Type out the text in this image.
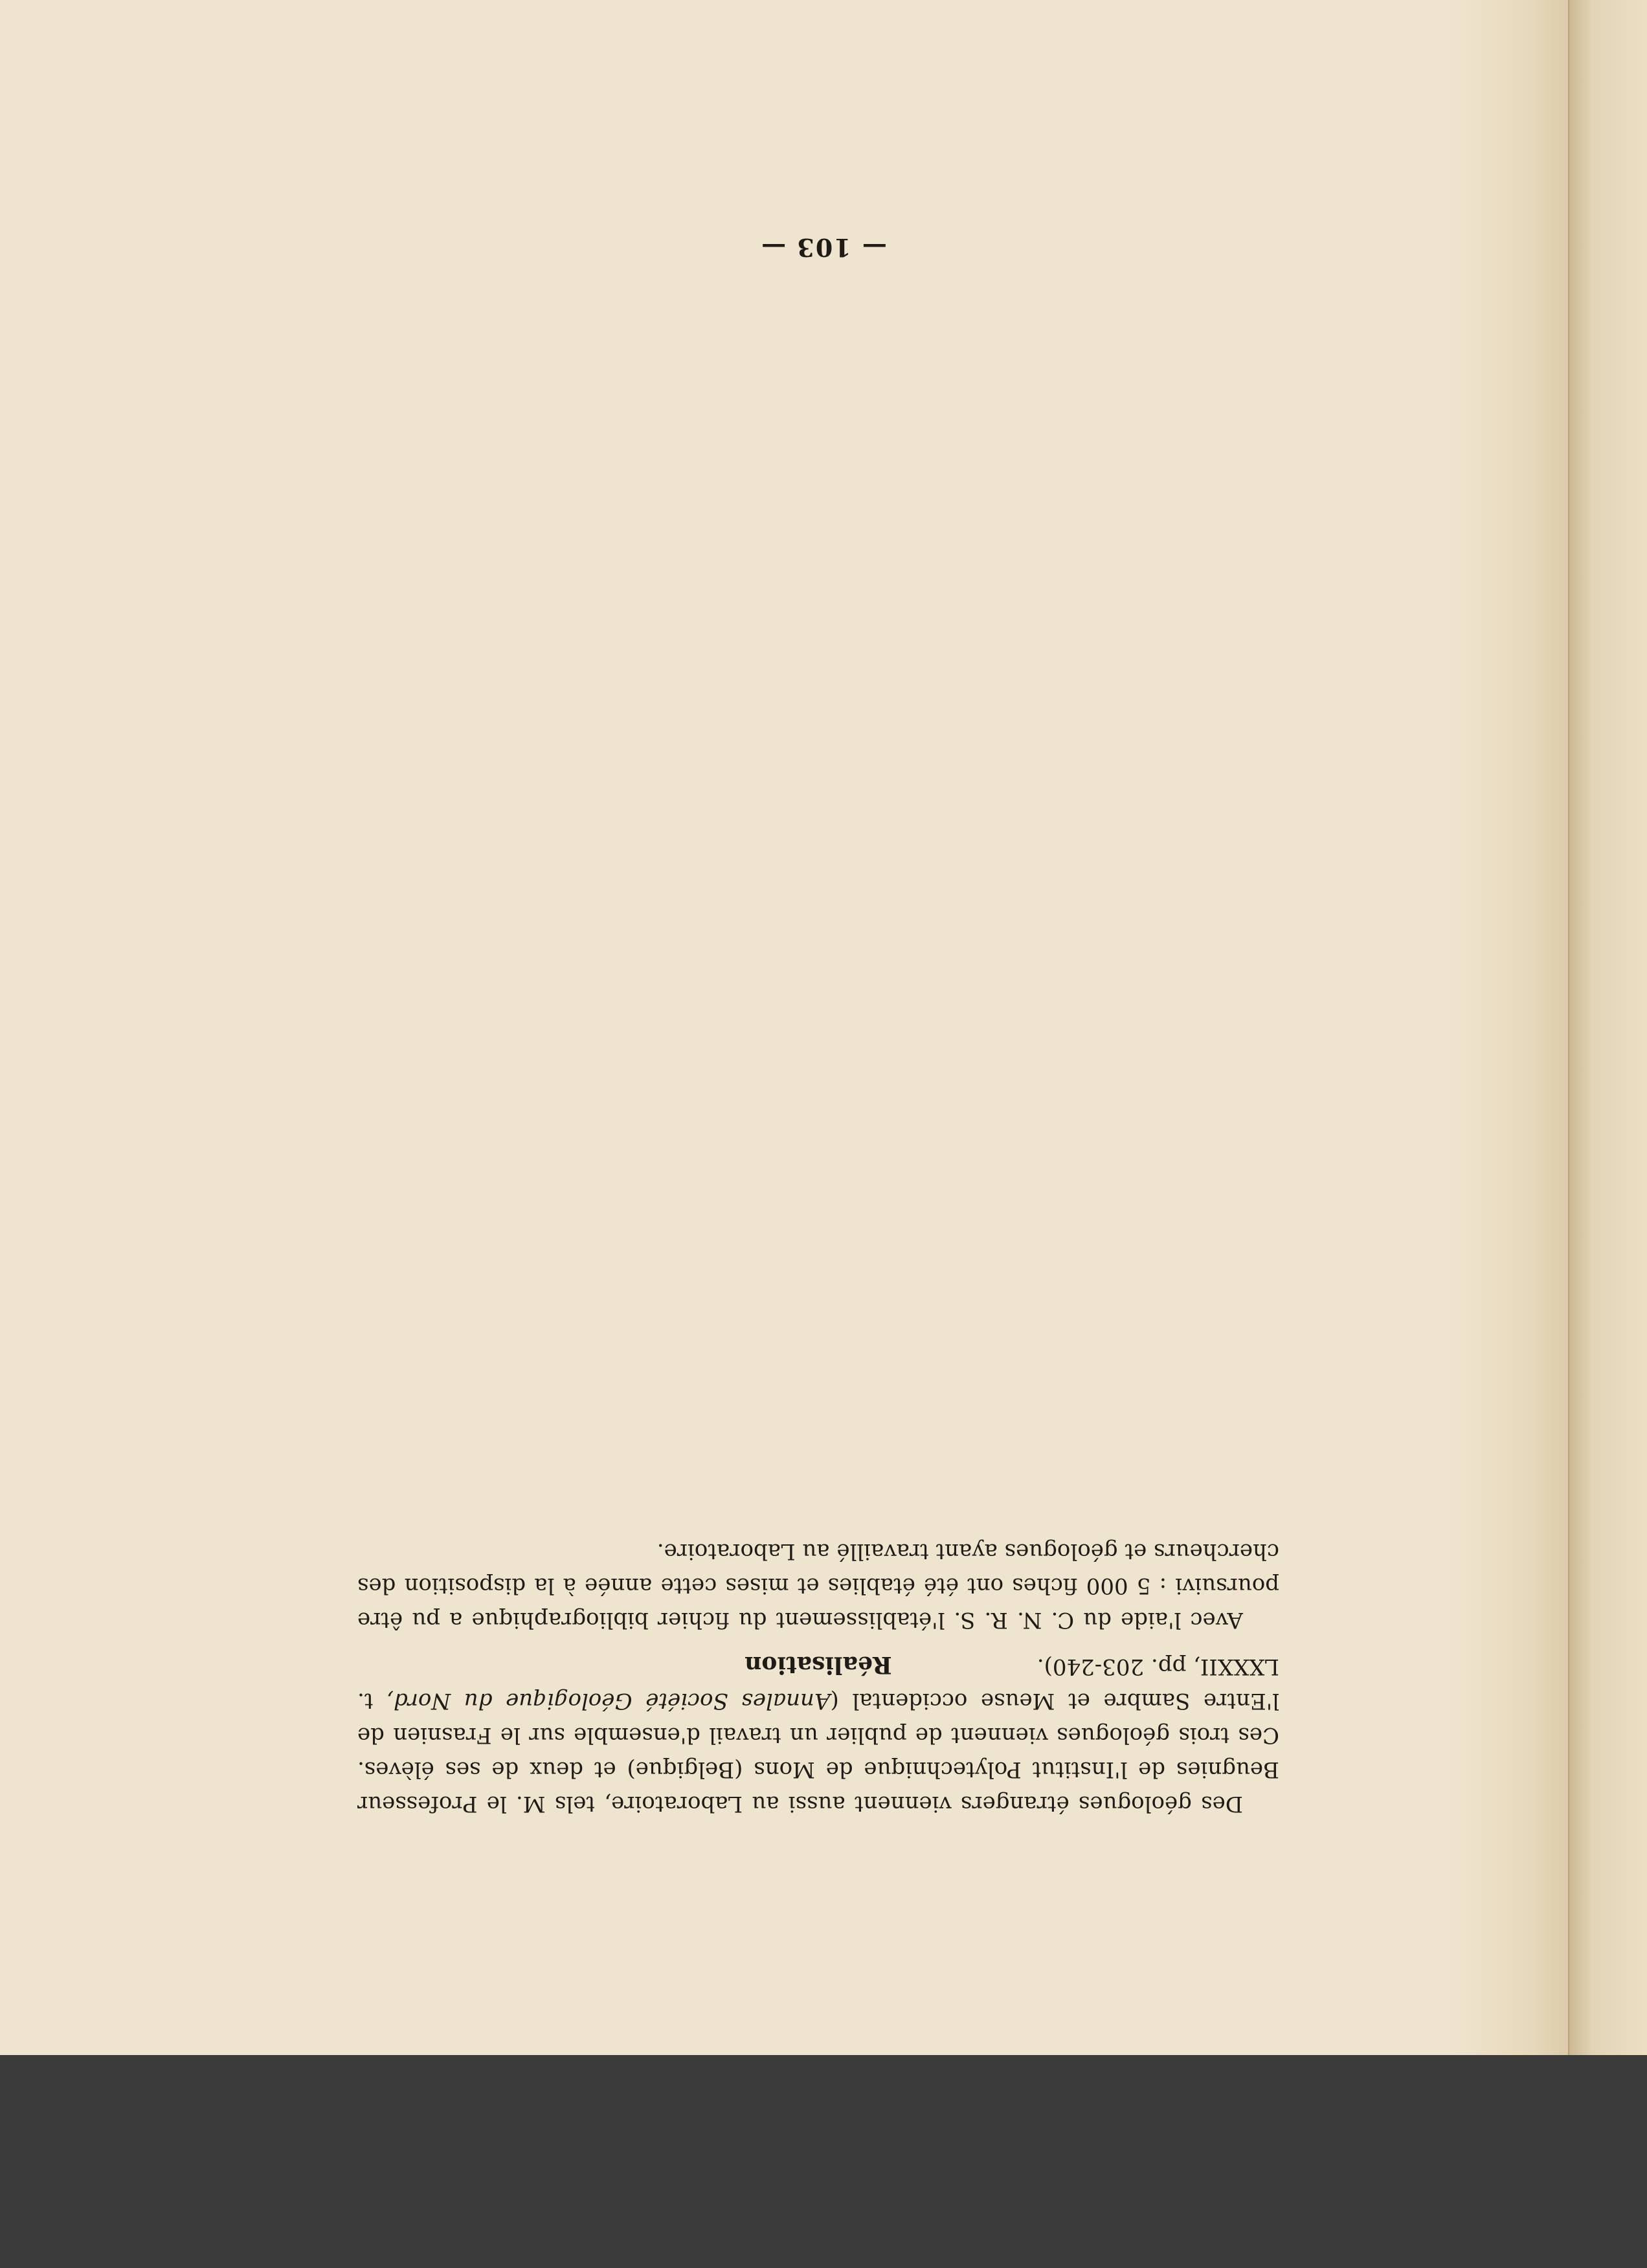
Des géologues étrangers viennent aussi au Laboratoire, tels M. le Professeur Beugnies de l'Institut Polytechnique de Mons (Belgique) et deux de ses élèves. Ces trois géologues viennent de publier un travail d'ensemble sur le Frasnien de l'Entre Sambre et Meuse occidental (Annales Société Géologique du Nord, t. LXXXII, pp. 203-240).

Réalisation

Avec l'aide du C. N. R. S. l'établissement du fichier bibliographique a pu être poursuivi : 5 000 fiches ont été établies et mises cette année à la disposition des chercheurs et géologues ayant travaillé au Laboratoire.

— 103 —
